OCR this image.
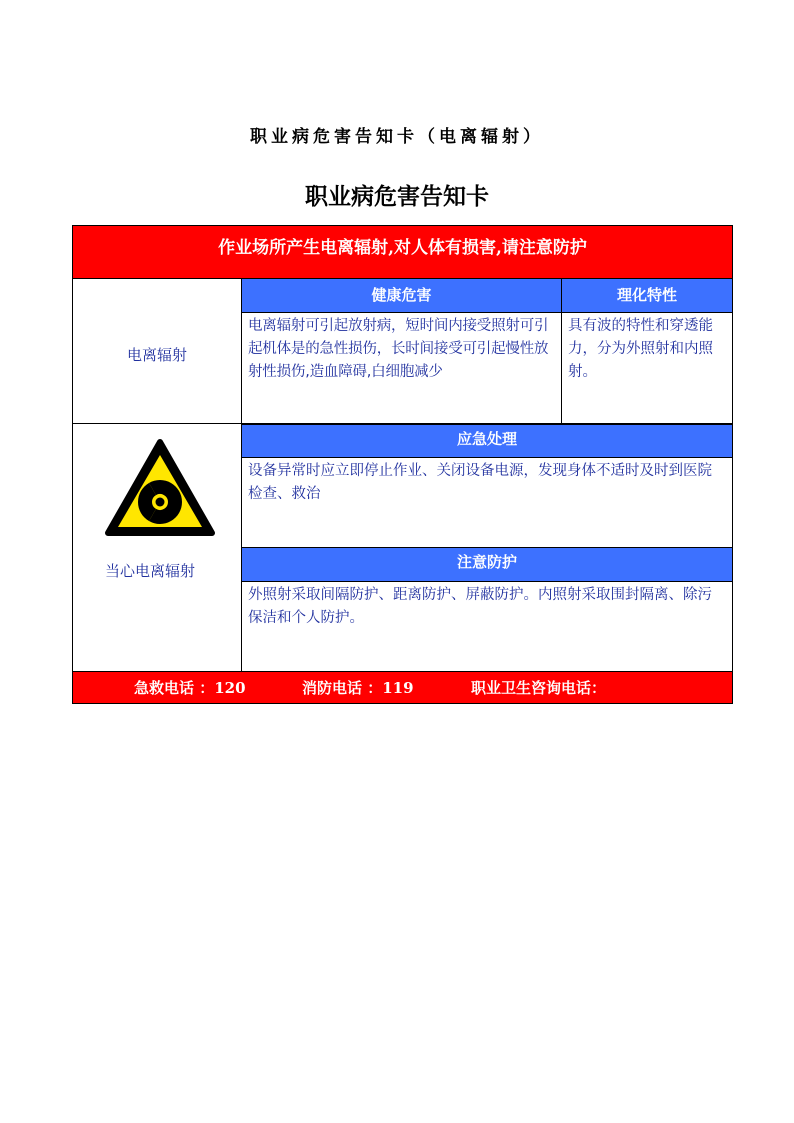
职业病危害告知卡（电离辐射）
职业病危害告知卡
作业场所产生电离辐射,对人体有损害,请注意防护
电离辐射
健康危害
电离辐射可引起放射病，短时间内接受照射可引起机体是的急性损伤，长时间接受可引起慢性放射性损伤,造血障碍,白细胞减少
理化特性
具有波的特性和穿透能力，分为外照射和内照射。
当心电离辐射
应急处理
设备异常时应立即停止作业、关闭设备电源，发现身体不适时及时到医院检查、救治
注意防护
外照射采取间隔防护、距离防护、屏蔽防护。内照射采取围封隔离、除污保洁和个人防护。
急救电话 ：120	消防电话 ：119	职业卫生咨询电话：
